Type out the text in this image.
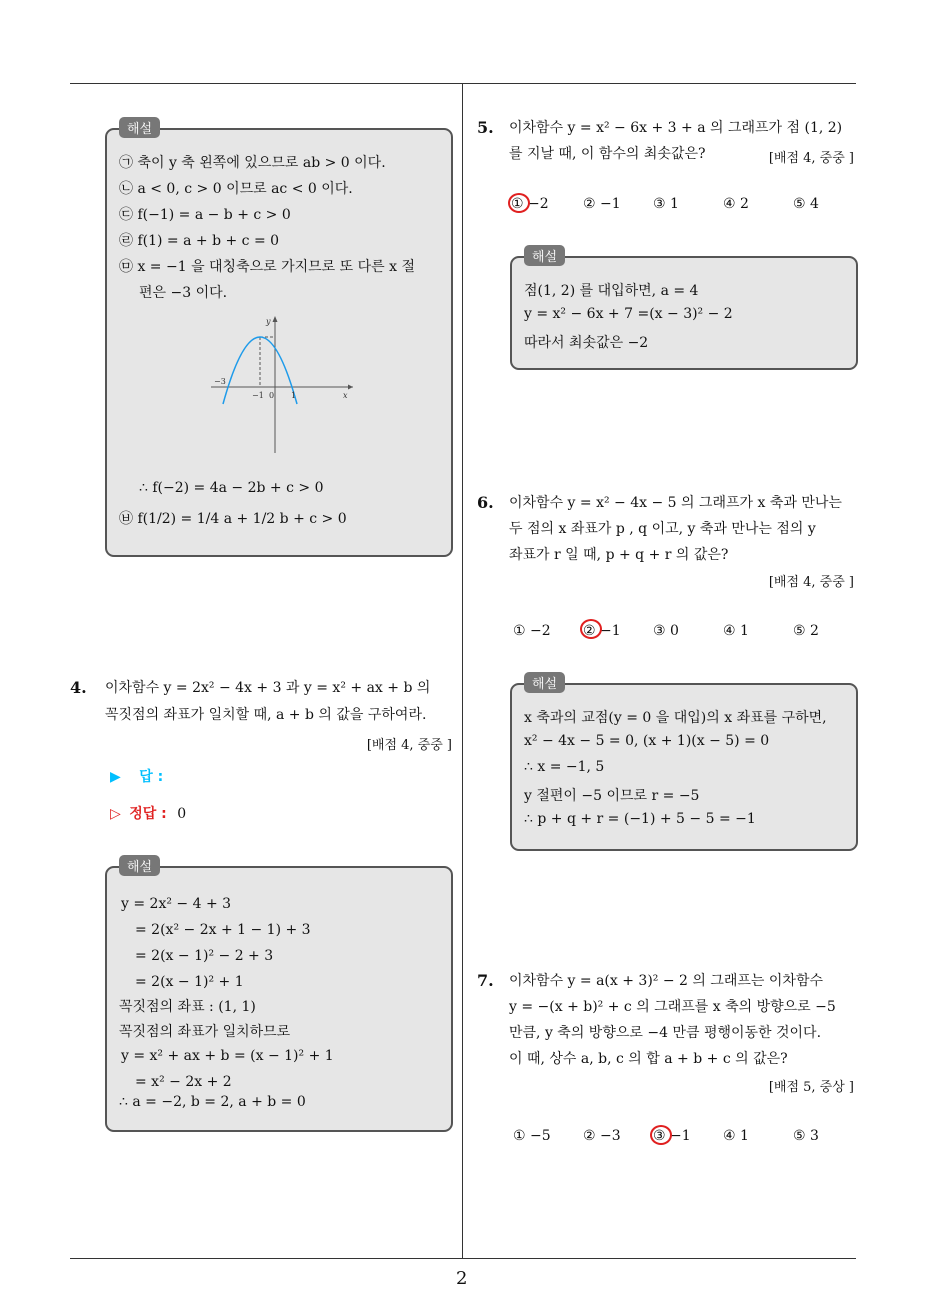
2
해설
㉠ 축이 y 축 왼쪽에 있으므로 ab > 0 이다.
㉡ a < 0, c > 0 이므로 ac < 0 이다.
㉢ f(−1) = a − b + c > 0
㉣ f(1) = a + b + c = 0
㉤ x = −1 을 대칭축으로 가지므로 또 다른 x 절
편은 −3 이다.
y
x
−3
−1 0 1
∴ f(−2) = 4a − 2b + c > 0
㉥ f(1/2) = 1/4 a + 1/2 b + c > 0
4. 이차함수 y = 2x² − 4x + 3 과 y = x² + ax + b 의
꼭짓점의 좌표가 일치할 때, a + b 의 값을 구하여라.
[배점 4, 중중 ]
▶ 답 :
▷ 정답 : 0
해설
y = 2x² − 4 + 3
= 2(x² − 2x + 1 − 1) + 3
= 2(x − 1)² − 2 + 3
= 2(x − 1)² + 1
꼭짓점의 좌표 : (1, 1)
꼭짓점의 좌표가 일치하므로
y = x² + ax + b = (x − 1)² + 1
= x² − 2x + 2
∴ a = −2, b = 2, a + b = 0
5. 이차함수 y = x² − 6x + 3 + a 의 그래프가 점 (1, 2)
를 지날 때, 이 함수의 최솟값은?	[배점 4, 중중 ]
① −2 ② −1 ③ 1	④ 2	⑤ 4
해설
점(1, 2) 를 대입하면, a = 4
y = x² − 6x + 7 =(x − 3)² − 2
따라서 최솟값은 −2
6. 이차함수 y = x² − 4x − 5 의 그래프가 x 축과 만나는
두 점의 x 좌표가 p , q 이고, y 축과 만나는 점의 y
좌표가 r 일 때, p + q + r 의 값은?
[배점 4, 중중 ]
① −2 ② −1 ③ 0	④ 1	⑤ 2
해설
x 축과의 교점(y = 0 을 대입)의 x 좌표를 구하면,
x² − 4x − 5 = 0, (x + 1)(x − 5) = 0
∴ x = −1, 5
y 절편이 −5 이므로 r = −5
∴ p + q + r = (−1) + 5 − 5 = −1
7. 이차함수 y = a(x + 3)² − 2 의 그래프는 이차함수
y = −(x + b)² + c 의 그래프를 x 축의 방향으로 −5
만큼, y 축의 방향으로 −4 만큼 평행이동한 것이다.
이 때, 상수 a, b, c 의 합 a + b + c 의 값은?
[배점 5, 중상 ]
① −5 ② −3 ③ −1 ④ 1	⑤ 3
